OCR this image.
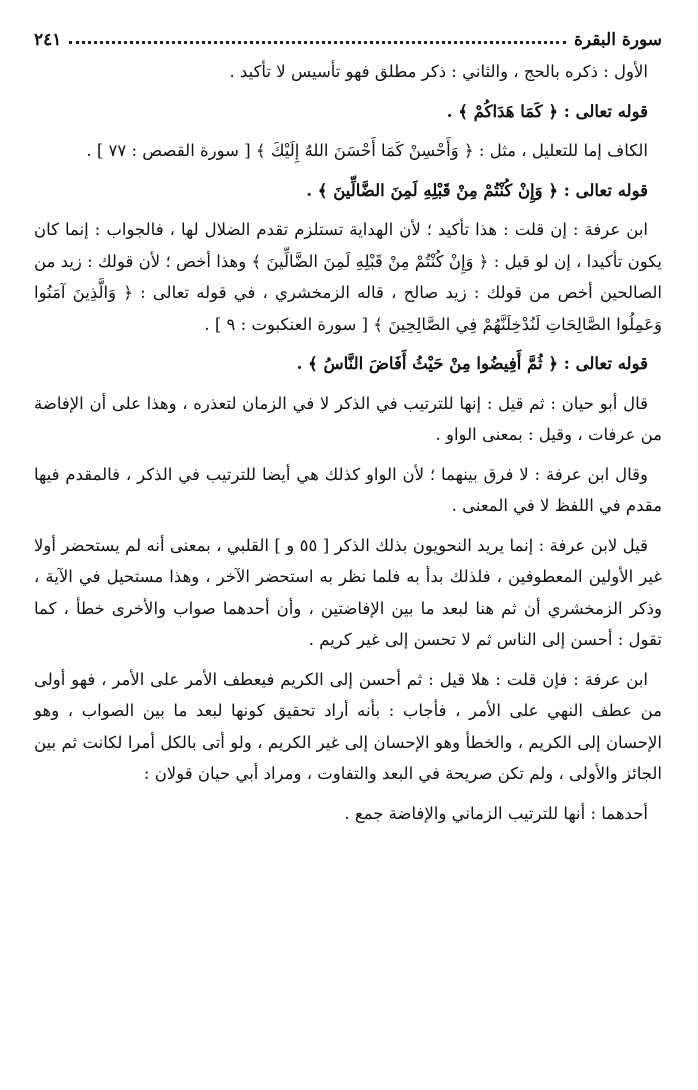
سورة البقرة
٢٤١

الأول : ذكره بالحج ، والثاني : ذكر مطلق فهو تأسيس لا تأكيد .

قوله تعالى : ﴿ كَمَا هَدَاكُمْ ﴾ .

الكاف إما للتعليل ، مثل : ﴿ وَأَحْسِنْ كَمَا أَحْسَنَ اللهُ إِلَيْكَ ﴾ [ سورة القصص : ٧٧ ] .

قوله تعالى : ﴿ وَإِنْ كُنْتُمْ مِنْ قَبْلِهِ لَمِنَ الضَّالِّينَ ﴾ .

ابن عرفة : إن قلت : هذا تأكيد ؛ لأن الهداية تستلزم تقدم الضلال لها ، فالجواب : إنما كان يكون تأكيدا ، إن لو قيل : ﴿ وَإِنْ كُنْتُمْ مِنْ قَبْلِهِ لَمِنَ الضَّالِّينَ ﴾ وهذا أخص ؛ لأن قولك : زيد من الصالحين أخص من قولك : زيد صالح ، قاله الزمخشري ، في قوله تعالى : ﴿ وَالَّذِينَ آمَنُوا وَعَمِلُوا الصَّالِحَاتِ لَنُدْخِلَنَّهُمْ فِي الصَّالِحِينَ ﴾ [ سورة العنكبوت : ٩ ] .

قوله تعالى : ﴿ ثُمَّ أَفِيضُوا مِنْ حَيْثُ أَفَاضَ النَّاسُ ﴾ .

قال أبو حيان : ثم قيل : إنها للترتيب في الذكر لا في الزمان لتعذره ، وهذا على أن الإفاضة من عرفات ، وقيل : بمعنى الواو .

وقال ابن عرفة : لا فرق بينهما ؛ لأن الواو كذلك هي أيضا للترتيب في الذكر ، فالمقدم فيها مقدم في اللفظ لا في المعنى .

قيل لابن عرفة : إنما يريد النحويون بذلك الذكر [ ٥٥ و ] القلبي ، بمعنى أنه لم يستحضر أولا غير الأولين المعطوفين ، فلذلك بدأ به فلما نظر به استحضر الآخر ، وهذا مستحيل في الآية ، وذكر الزمخشري أن ثم هنا لبعد ما بين الإفاضتين ، وأن أحدهما صواب والأخرى خطأ ، كما تقول : أحسن إلى الناس ثم لا تحسن إلى غير كريم .

ابن عرفة : فإن قلت : هلا قيل : ثم أحسن إلى الكريم فيعطف الأمر على الأمر ، فهو أولى من عطف النهي على الأمر ، فأجاب : بأنه أراد تحقيق كونها لبعد ما بين الصواب ، وهو الإحسان إلى الكريم ، والخطأ وهو الإحسان إلى غير الكريم ، ولو أتى بالكل أمرا لكانت ثم بين الجائز والأولى ، ولم تكن صريحة في البعد والتفاوت ، ومراد أبي حيان قولان :

أحدهما : أنها للترتيب الزماني والإفاضة جمع .
